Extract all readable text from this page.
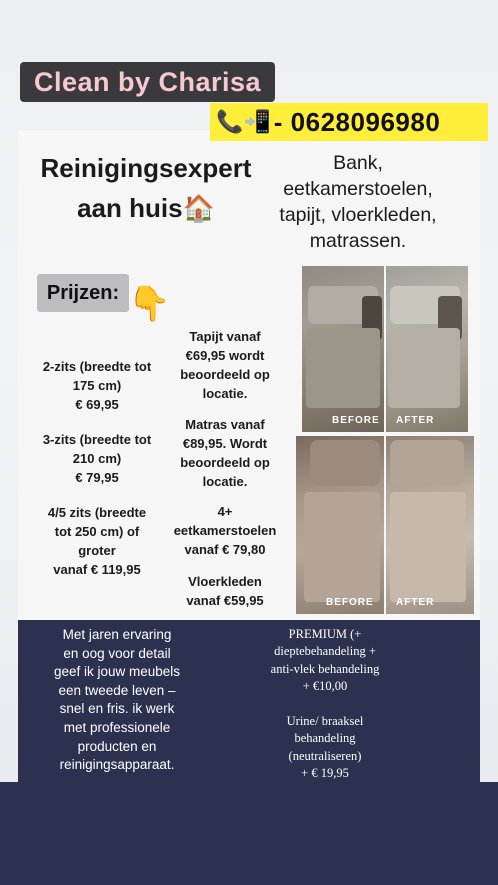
Clean by Charisa
📞📲 - 0628096980
Reinigingsexpert
aan huis🏠
Bank,
eetkamerstoelen,
tapijt, vloerkleden,
matrassen.
Prijzen: 👇
2-zits (breedte tot
175 cm)
€ 69,95
3-zits (breedte tot
210 cm)
€ 79,95
4/5 zits (breedte
tot 250 cm) of
groter
vanaf € 119,95
Tapijt vanaf
€69,95 wordt
beoordeeld op
locatie.
Matras vanaf
€89,95. Wordt
beoordeeld op
locatie.
4+
eetkamerstoelen
vanaf € 79,80
Vloerkleden
vanaf €59,95
BEFORE AFTER
BEFORE AFTER
Met jaren ervaring
en oog voor detail
geef ik jouw meubels
een tweede leven –
snel en fris. ik werk
met professionele
producten en
reinigingsapparaat.
PREMIUM (+
dieptebehandeling +
anti-vlek behandeling
+ €10,00
Urine/ braaksel
behandeling
(neutraliseren)
+ € 19,95
